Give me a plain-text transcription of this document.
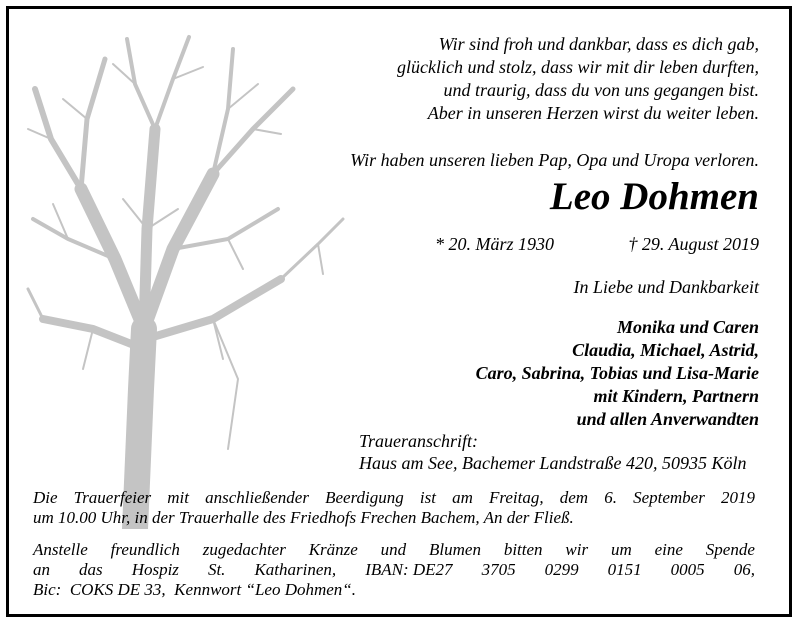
Wir sind froh und dankbar, dass es dich gab,
glücklich und stolz, dass wir mit dir leben durften,
und traurig, dass du von uns gegangen bist.
Aber in unseren Herzen wirst du weiter leben.
Wir haben unseren lieben Pap, Opa und Uropa verloren.
Leo Dohmen
* 20. März 1930	† 29. August 2019
In Liebe und Dankbarkeit
Monika und Caren
Claudia, Michael, Astrid,
Caro, Sabrina, Tobias und Lisa-Marie
mit Kindern, Partnern
und allen Anverwandten
Traueranschrift:
Haus am See, Bachemer Landstraße 420, 50935 Köln
Die Trauerfeier mit anschließender Beerdigung ist am Freitag, dem 6. September 2019
um 10.00 Uhr, in der Trauerhalle des Friedhofs Frechen Bachem, An der Fließ.
Anstelle freundlich zugedachter Kränze und Blumen bitten wir um eine Spende
an das Hospiz St. Katharinen, IBAN: DE27 3705 0299 0151 0005 06,
Bic:  COKS DE 33,  Kennwort “Leo Dohmen“.
